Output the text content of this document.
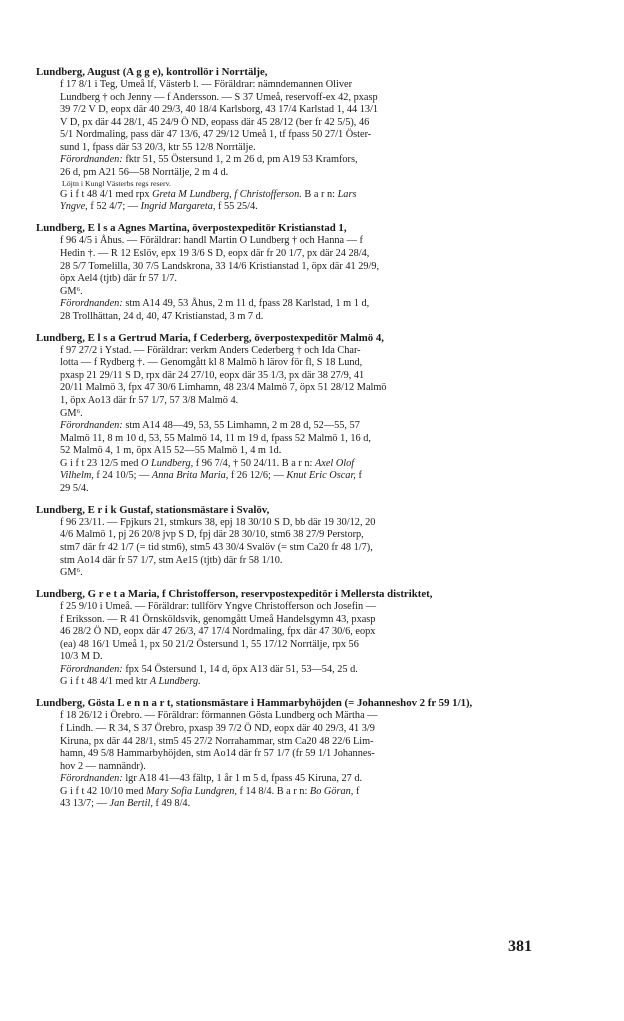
Lundberg, August (A g g e), kontrollör i Norrtälje,

f 17 8/1 i Teg, Umeå lf, Västerb l. — Föräldrar: nämndemannen Oliver
Lundberg † och Jenny — f Andersson. — S 37 Umeå, reservoff-ex 42, pxasp
39 7/2 V D, eopx där 40 29/3, 40 18/4 Karlsborg, 43 17/4 Karlstad 1, 44 13/1
V D, px där 44 28/1, 45 24/9 Ö ND, eopass där 45 28/12 (ber fr 42 5/5), 46
5/1 Nordmaling, pass där 47 13/6, 47 29/12 Umeå 1, tf fpass 50 27/1 Öster-
sund 1, fpass där 53 20/3, ktr 55 12/8 Norrtälje.
Förordnanden: fktr 51, 55 Östersund 1, 2 m 26 d, pm A19 53 Kramfors,
26 d, pm A21 56—58 Norrtälje, 2 m 4 d.
Löjtn i Kungl Västerbs regs reserv.
G i f t 48 4/1 med rpx Greta M Lundberg, f Christofferson. B a r n: Lars
Yngve, f 52 4/7; — Ingrid Margareta, f 55 25/4.

Lundberg, E l s a Agnes Martina, överpostexpeditör Kristianstad 1,

f 96 4/5 i Åhus. — Föräldrar: handl Martin O Lundberg † och Hanna — f
Hedin †. — R 12 Eslöv, epx 19 3/6 S D, eopx där fr 20 1/7, px där 24 28/4,
28 5/7 Tomelilla, 30 7/5 Landskrona, 33 14/6 Kristianstad 1, öpx där 41 29/9,
öpx Ael4 (tjtb) där fr 57 1/7.
GM⁶.
Förordnanden: stm A14 49, 53 Åhus, 2 m 11 d, fpass 28 Karlstad, 1 m 1 d,
28 Trollhättan, 24 d, 40, 47 Kristianstad, 3 m 7 d.

Lundberg, E l s a Gertrud Maria, f Cederberg, överpostexpeditör Malmö 4,

f 97 27/2 i Ystad. — Föräldrar: verkm Anders Cederberg † och Ida Char-
lotta — f Rydberg †. — Genomgått kl 8 Malmö h lärov för fl, S 18 Lund,
pxasp 21 29/11 S D, rpx där 24 27/10, eopx där 35 1/3, px där 38 27/9, 41
20/11 Malmö 3, fpx 47 30/6 Limhamn, 48 23/4 Malmö 7, öpx 51 28/12 Malmö
1, öpx Ao13 där fr 57 1/7, 57 3/8 Malmö 4.
GM⁶.
Förordnanden: stm A14 48—49, 53, 55 Limhamn, 2 m 28 d, 52—55, 57
Malmö 11, 8 m 10 d, 53, 55 Malmö 14, 11 m 19 d, fpass 52 Malmö 1, 16 d,
52 Malmö 4, 1 m, öpx A15 52—55 Malmö 1, 4 m 1d.
G i f t 23 12/5 med O Lundberg, f 96 7/4, † 50 24/11. B a r n: Axel Olof
Vilhelm, f 24 10/5; — Anna Brita Maria, f 26 12/6; — Knut Eric Oscar, f
29 5/4.

Lundberg, E r i k Gustaf, stationsmästare i Svalöv,

f 96 23/11. — Fpjkurs 21, stmkurs 38, epj 18 30/10 S D, bb där 19 30/12, 20
4/6 Malmö 1, pj 26 20/8 jvp S D, fpj där 28 30/10, stm6 38 27/9 Perstorp,
stm7 där fr 42 1/7 (= tid stm6), stm5 43 30/4 Svalöv (= stm Ca20 fr 48 1/7),
stm Ao14 där fr 57 1/7, stm Ae15 (tjtb) där fr 58 1/10.
GM⁶.

Lundberg, G r e t a Maria, f Christofferson, reservpostexpeditör i Mellersta distriktet,

f 25 9/10 i Umeå. — Föräldrar: tullförv Yngve Christofferson och Josefin —
f Eriksson. — R 41 Örnsköldsvik, genomgått Umeå Handelsgymn 43, pxasp
46 28/2 Ö ND, eopx där 47 26/3, 47 17/4 Nordmaling, fpx där 47 30/6, eopx
(ea) 48 16/1 Umeå 1, px 50 21/2 Östersund 1, 55 17/12 Norrtälje, rpx 56
10/3 M D.
Förordnanden: fpx 54 Östersund 1, 14 d, öpx A13 där 51, 53—54, 25 d.
G i f t 48 4/1 med ktr A Lundberg.

Lundberg, Gösta L e n n a r t, stationsmästare i Hammarbyhöjden (= Johanneshov 2 fr 59 1/1),

f 18 26/12 i Örebro. — Föräldrar: förmannen Gösta Lundberg och Märtha —
f Lindh. — R 34, S 37 Örebro, pxasp 39 7/2 Ö ND, eopx där 40 29/3, 41 3/9
Kiruna, px där 44 28/1, stm5 45 27/2 Norrahammar, stm Ca20 48 22/6 Lim-
hamn, 49 5/8 Hammarbyhöjden, stm Ao14 där fr 57 1/7 (fr 59 1/1 Johannes-
hov 2 — namnändr).
Förordnanden: lgr A18 41—43 fältp, 1 år 1 m 5 d, fpass 45 Kiruna, 27 d.
G i f t 42 10/10 med Mary Sofia Lundgren, f 14 8/4. B a r n: Bo Göran, f
43 13/7; — Jan Bertil, f 49 8/4.
381
